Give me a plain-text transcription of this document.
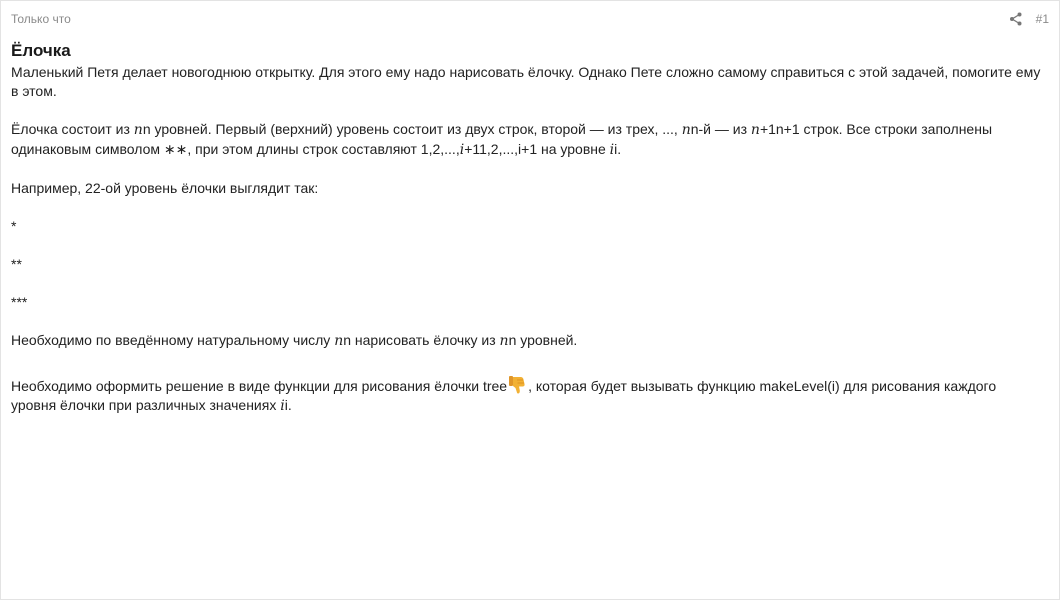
Только что	#1
Ёлочка

Маленький Петя делает новогоднюю открытку. Для этого ему надо нарисовать ёлочку. Однако Пете сложно самому справиться с этой задачей, помогите ему в этом.

Ёлочка состоит из nn уровней. Первый (верхний) уровень состоит из двух строк, второй — из трех, ..., nn-й — из n+1n+1 строк. Все строки заполнены одинаковым символом ∗∗, при этом длины строк составляют 1,2,...,i+11,2,...,i+1 на уровне ii.

Например, 22-ой уровень ёлочки выглядит так:

*

**

***

Необходимо по введённому натуральному числу nn нарисовать ёлочку из nn уровней.

Необходимо оформить решение в виде функции для рисования ёлочки tree , которая будет вызывать функцию makeLevel(i) для рисования каждого уровня ёлочки при различных значениях ii.
